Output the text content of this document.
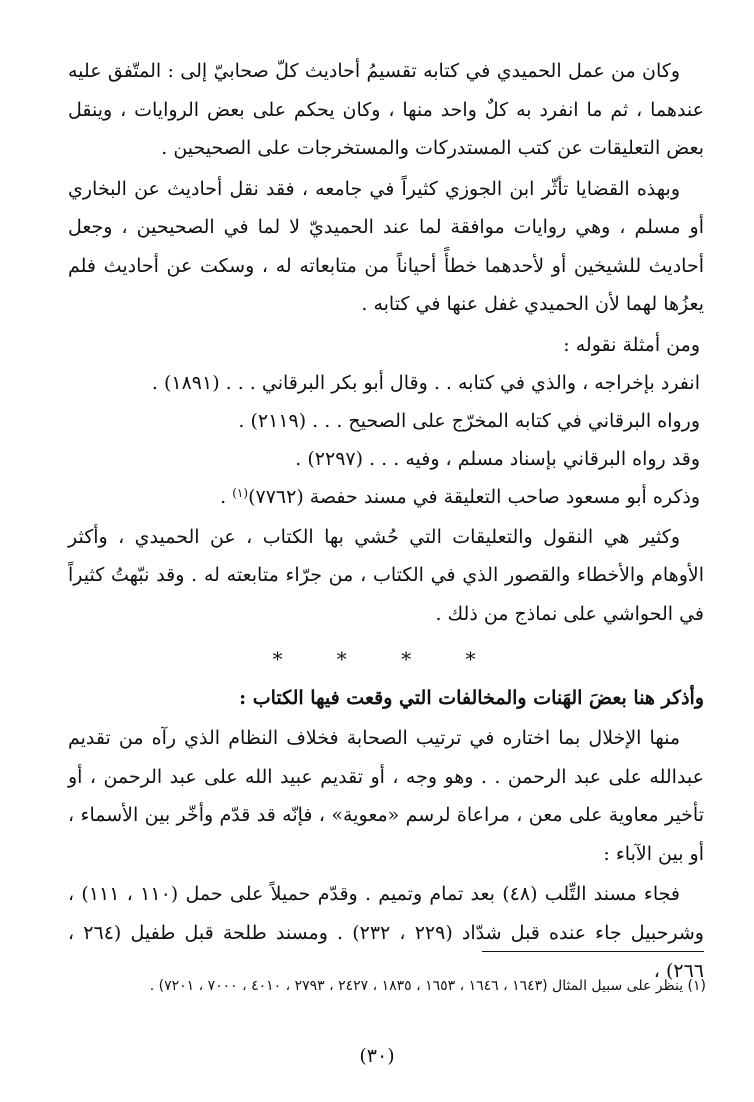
وكان من عمل الحميدي في كتابه تقسيمُ أحاديث كلّ صحابيّ إلى : المتّفق عليه عندهما ، ثم ما انفرد به كلٌ واحد منها ، وكان يحكم على بعض الروايات ، وينقل بعض التعليقات عن كتب المستدركات والمستخرجات على الصحيحين .

وبهذه القضايا تأثّر ابن الجوزي كثيراً في جامعه ، فقد نقل أحاديث عن البخاري أو مسلم ، وهي روايات موافقة لما عند الحميديّ لا لما في الصحيحين ، وجعل أحاديث للشيخين أو لأحدهما خطأً أحياناً من متابعاته له ، وسكت عن أحاديث فلم يعزُها لهما لأن الحميدي غفل عنها في كتابه .

ومن أمثلة نقوله :

انفرد بإخراجه ، والذي في كتابه . . وقال أبو بكر البرقاني . . . (١٨٩١) .

ورواه البرقاني في كتابه المخرّج على الصحيح . . . (٢١١٩) .

وقد رواه البرقاني بإسناد مسلم ، وفيه . . . (٢٢٩٧) .

وذكره أبو مسعود صاحب التعليقة في مسند حفصة (٧٧٦٢)$^{(١)}$ .

وكثير هي النقول والتعليقات التي حُشي بها الكتاب ، عن الحميدي ، وأكثر الأوهام والأخطاء والقصور الذي في الكتاب ، من جرّاء متابعته له . وقد نبّهتُ كثيراً في الحواشي على نماذج من ذلك .

* * * *

وأذكر هنا بعضَ الهَنات والمخالفات التي وقعت فيها الكتاب :

منها الإخلال بما اختاره في ترتيب الصحابة فخلاف النظام الذي رآه من تقديم عبدالله على عبد الرحمن . . وهو وجه ، أو تقديم عبيد الله على عبد الرحمن ، أو تأخير معاوية على معن ، مراعاة لرسم «معوية» ، فإنّه قد قدّم وأخّر بين الأسماء ، أو بين الآباء :

فجاء مسند التِّلب (٤٨) بعد تمام وتميم . وقدّم حميلاً على حمل (١١٠ ، ١١١) ، وشرحبيل جاء عنده قبل شدّاد (٢٢٩ ، ٢٣٢) . ومسند طلحة قبل طفيل (٢٦٤ ، ٢٦٦) ،

(١) ينظر على سبيل المثال (١٦٤٣ ، ١٦٤٦ ، ١٦٥٣ ، ١٨٣٥ ، ٢٤٢٧ ، ٢٧٩٣ ، ٤٠١٠ ، ٧٠٠٠ ، ٧٢٠١) .
(٣٠)
